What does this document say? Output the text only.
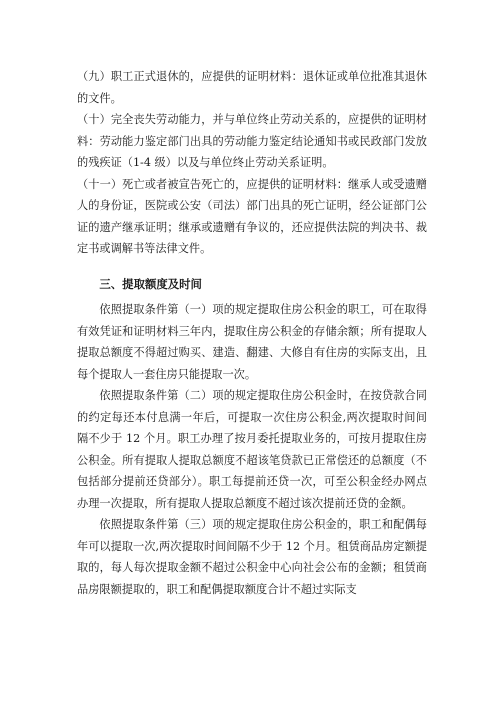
（九）职工正式退休的，应提供的证明材料：退休证或单位批准其退休的文件。

（十）完全丧失劳动能力，并与单位终止劳动关系的，应提供的证明材料：劳动能力鉴定部门出具的劳动能力鉴定结论通知书或民政部门发放的残疾证（1-4 级）以及与单位终止劳动关系证明。

（十一）死亡或者被宣告死亡的，应提供的证明材料：继承人或受遗赠人的身份证，医院或公安（司法）部门出具的死亡证明，经公证部门公证的遗产继承证明；继承或遗赠有争议的，还应提供法院的判决书、裁定书或调解书等法律文件。

三、提取额度及时间

依照提取条件第（一）项的规定提取住房公积金的职工，可在取得有效凭证和证明材料三年内，提取住房公积金的存储余额；所有提取人提取总额度不得超过购买、建造、翻建、大修自有住房的实际支出，且每个提取人一套住房只能提取一次。

依照提取条件第（二）项的规定提取住房公积金时，在按贷款合同的约定每还本付息满一年后，可提取一次住房公积金,两次提取时间间隔不少于 12 个月。职工办理了按月委托提取业务的，可按月提取住房公积金。所有提取人提取总额度不超该笔贷款已正常偿还的总额度（不包括部分提前还贷部分）。职工每提前还贷一次，可至公积金经办网点办理一次提取，所有提取人提取总额度不超过该次提前还贷的金额。

依照提取条件第（三）项的规定提取住房公积金的，职工和配偶每年可以提取一次,两次提取时间间隔不少于 12 个月。租赁商品房定额提取的，每人每次提取金额不超过公积金中心向社会公布的金额；租赁商品房限额提取的，职工和配偶提取额度合计不超过实际支
